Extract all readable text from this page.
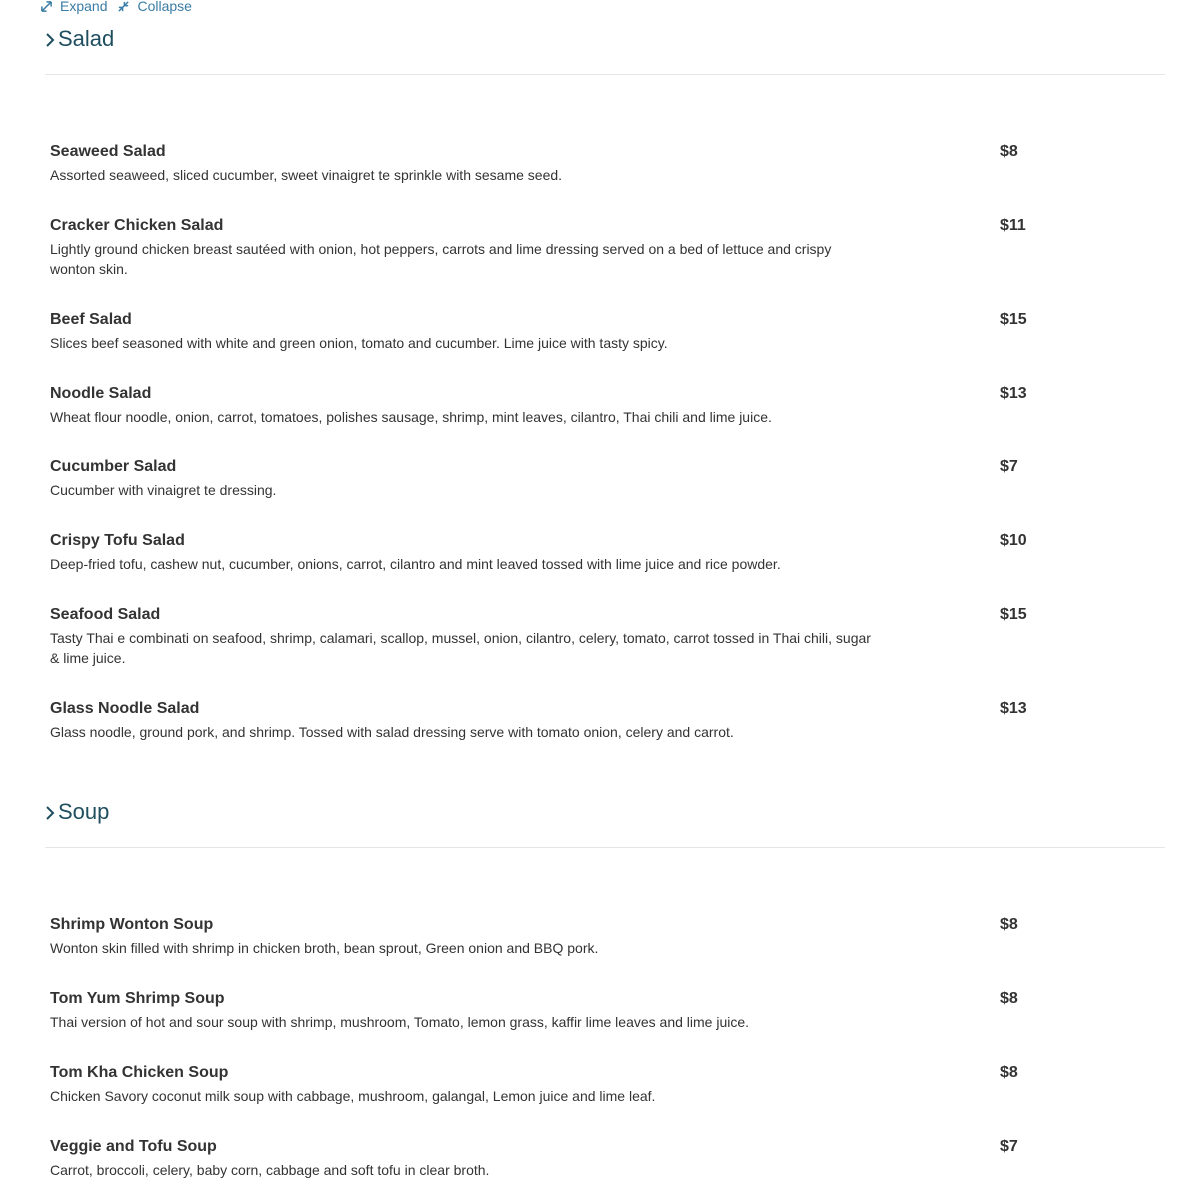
Expand Collapse
Salad
Seaweed Salad	$8
Assorted seaweed, sliced cucumber, sweet vinaigret te sprinkle with sesame seed.
Cracker Chicken Salad	$11
Lightly ground chicken breast sautéed with onion, hot peppers, carrots and lime dressing served on a bed of lettuce and crispy wonton skin.
Beef Salad	$15
Slices beef seasoned with white and green onion, tomato and cucumber. Lime juice with tasty spicy.
Noodle Salad	$13
Wheat flour noodle, onion, carrot, tomatoes, polishes sausage, shrimp, mint leaves, cilantro, Thai chili and lime juice.
Cucumber Salad	$7
Cucumber with vinaigret te dressing.
Crispy Tofu Salad	$10
Deep-fried tofu, cashew nut, cucumber, onions, carrot, cilantro and mint leaved tossed with lime juice and rice powder.
Seafood Salad	$15
Tasty Thai e combinati on seafood, shrimp, calamari, scallop, mussel, onion, cilantro, celery, tomato, carrot tossed in Thai chili, sugar & lime juice.
Glass Noodle Salad	$13
Glass noodle, ground pork, and shrimp. Tossed with salad dressing serve with tomato onion, celery and carrot.
Soup
Shrimp Wonton Soup	$8
Wonton skin filled with shrimp in chicken broth, bean sprout, Green onion and BBQ pork.
Tom Yum Shrimp Soup	$8
Thai version of hot and sour soup with shrimp, mushroom, Tomato, lemon grass, kaffir lime leaves and lime juice.
Tom Kha Chicken Soup	$8
Chicken Savory coconut milk soup with cabbage, mushroom, galangal, Lemon juice and lime leaf.
Veggie and Tofu Soup	$7
Carrot, broccoli, celery, baby corn, cabbage and soft tofu in clear broth.
